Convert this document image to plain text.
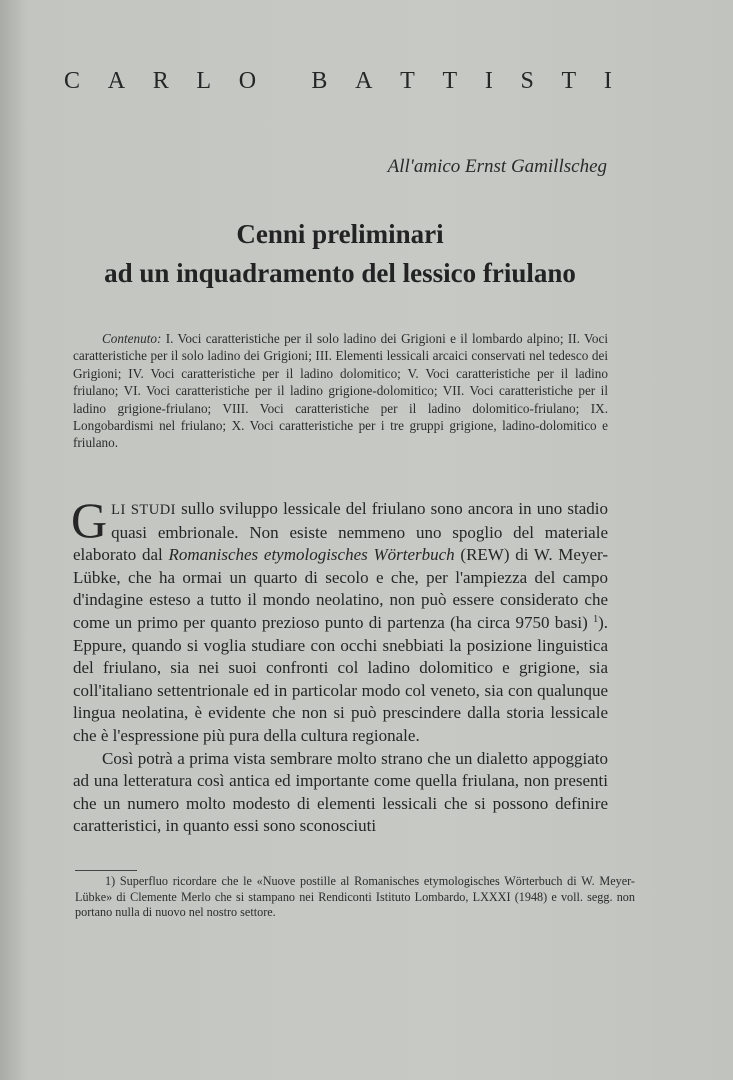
C A R L O B A T T I S T I
All'amico Ernst Gamillscheg
Cenni preliminari
ad un inquadramento del lessico friulano
Contenuto: I. Voci caratteristiche per il solo ladino dei Grigioni e il lombardo alpino; II. Voci caratteristiche per il solo ladino dei Grigioni; III. Elementi lessicali arcaici conservati nel tedesco dei Grigioni; IV. Voci caratteristiche per il ladino dolomitico; V. Voci caratteristiche per il ladino friulano; VI. Voci caratteristiche per il ladino grigione-dolomitico; VII. Voci caratteristiche per il ladino grigione-friulano; VIII. Voci caratteristiche per il ladino dolomitico-friulano; IX. Longobardismi nel friulano; X. Voci caratteristiche per i tre gruppi grigione, ladino-dolomitico e friulano.

GLI STUDI sullo sviluppo lessicale del friulano sono ancora in uno stadio quasi embrionale. Non esiste nemmeno uno spoglio del materiale elaborato dal Romanisches etymologisches Wörterbuch (REW) di W. Meyer-Lübke, che ha ormai un quarto di secolo e che, per l'ampiezza del campo d'indagine esteso a tutto il mondo neolatino, non può essere considerato che come un primo per quanto prezioso punto di partenza (ha circa 9750 basi) $^1$). Eppure, quando si voglia studiare con occhi snebbiati la posizione linguistica del friulano, sia nei suoi confronti col ladino dolomitico e grigione, sia coll'italiano settentrionale ed in particolar modo col veneto, sia con qualunque lingua neolatina, è evidente che non si può prescindere dalla storia lessicale che è l'espressione più pura della cultura regionale.

Così potrà a prima vista sembrare molto strano che un dialetto appoggiato ad una letteratura così antica ed importante come quella friulana, non presenti che un numero molto modesto di elementi lessicali che si possono definire caratteristici, in quanto essi sono sconosciuti

1) Superfluo ricordare che le «Nuove postille al Romanisches etymologisches Wörterbuch di W. Meyer-Lübke» di Clemente Merlo che si stampano nei Rendiconti Istituto Lombardo, LXXXI (1948) e voll. segg. non portano nulla di nuovo nel nostro settore.
